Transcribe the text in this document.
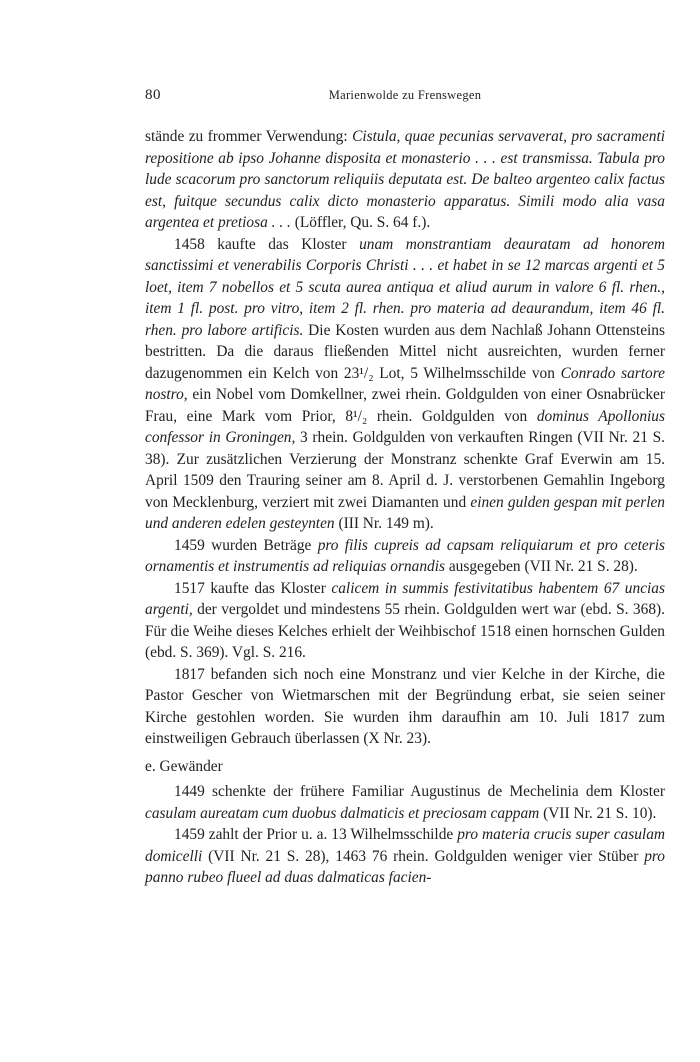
80	Marienwolde zu Frenswegen

stände zu frommer Verwendung: Cistula, quae pecunias servaverat, pro sacramenti repositione ab ipso Johanne disposita et monasterio . . . est transmissa. Tabula pro lude scacorum pro sanctorum reliquiis deputata est. De balteo argenteo calix factus est, fuitque secundus calix dicto monasterio apparatus. Simili modo alia vasa argentea et pretiosa . . . (Löffler, Qu. S. 64 f.).

1458 kaufte das Kloster unam monstrantiam deauratam ad honorem sanctissimi et venerabilis Corporis Christi . . . et habet in se 12 marcas argenti et 5 loet, item 7 nobellos et 5 scuta aurea antiqua et aliud aurum in valore 6 fl. rhen., item 1 fl. post. pro vitro, item 2 fl. rhen. pro materia ad deaurandum, item 46 fl. rhen. pro labore artificis. Die Kosten wurden aus dem Nachlaß Johann Ottensteins bestritten. Da die daraus fließenden Mittel nicht ausreichten, wurden ferner dazugenommen ein Kelch von 23¹/₂ Lot, 5 Wilhelmsschilde von Conrado sartore nostro, ein Nobel vom Domkellner, zwei rhein. Goldgulden von einer Osnabrücker Frau, eine Mark vom Prior, 8¹/₂ rhein. Goldgulden von dominus Apollonius confessor in Groningen, 3 rhein. Goldgulden von verkauften Ringen (VII Nr. 21 S. 38). Zur zusätzlichen Verzierung der Monstranz schenkte Graf Everwin am 15. April 1509 den Trauring seiner am 8. April d. J. verstorbenen Gemahlin Ingeborg von Mecklenburg, verziert mit zwei Diamanten und einen gulden gespan mit perlen und anderen edelen gesteynten (III Nr. 149 m).

1459 wurden Beträge pro filis cupreis ad capsam reliquiarum et pro ceteris ornamentis et instrumentis ad reliquias ornandis ausgegeben (VII Nr. 21 S. 28).

1517 kaufte das Kloster calicem in summis festivitatibus habentem 67 uncias argenti, der vergoldet und mindestens 55 rhein. Goldgulden wert war (ebd. S. 368). Für die Weihe dieses Kelches erhielt der Weihbischof 1518 einen hornschen Gulden (ebd. S. 369). Vgl. S. 216.

1817 befanden sich noch eine Monstranz und vier Kelche in der Kirche, die Pastor Gescher von Wietmarschen mit der Begründung erbat, sie seien seiner Kirche gestohlen worden. Sie wurden ihm daraufhin am 10. Juli 1817 zum einstweiligen Gebrauch überlassen (X Nr. 23).

e. Gewänder

1449 schenkte der frühere Familiar Augustinus de Mechelinia dem Kloster casulam aureatam cum duobus dalmaticis et preciosam cappam (VII Nr. 21 S. 10).

1459 zahlt der Prior u. a. 13 Wilhelmsschilde pro materia crucis super casulam domicelli (VII Nr. 21 S. 28), 1463 76 rhein. Goldgulden weniger vier Stüber pro panno rubeo flueel ad duas dalmaticas facien-
